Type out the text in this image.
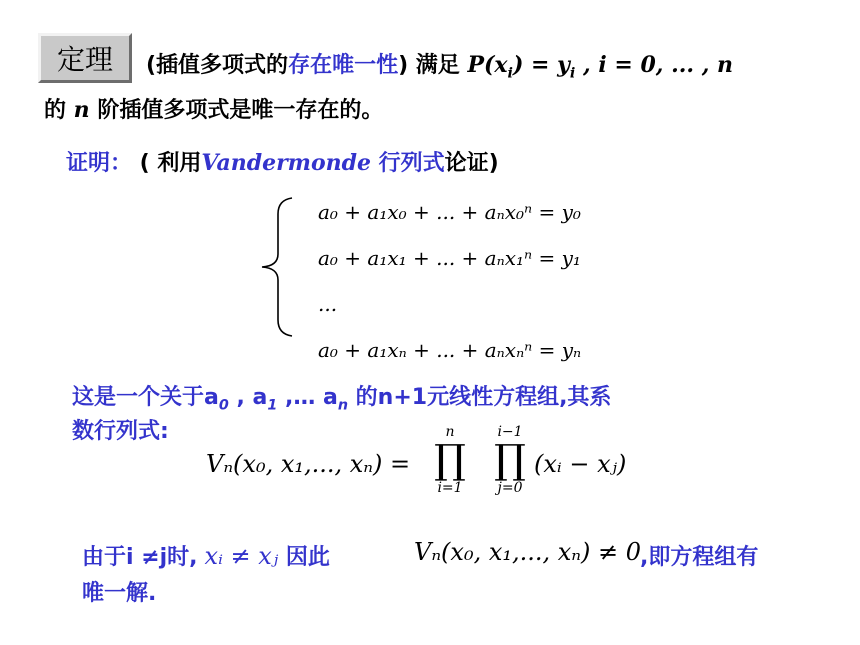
定理	(插值多项式的存在唯一性) 满足 $P(x_i) = y_i$ , i = 0, ... , n
的 n 阶插值多项式是唯一存在的。
证明： ( 利用Vandermonde 行列式论证)
a₀ + a₁x₀ + ... + aₙx₀ⁿ = y₀
a₀ + a₁x₁ + ... + aₙx₁ⁿ = y₁
...
a₀ + a₁xₙ + ... + aₙxₙⁿ = yₙ
这是一个关于$a_0$ , $a_1$ ,… $a_n$ 的n+1元线性方程组,其系
数行列式:
Vₙ(x₀, x₁,..., xₙ) =
n
∏
i=1
i−1
∏
j=0
(xᵢ − xⱼ)
由于i ≠j时, xᵢ ≠ xⱼ 因此	Vₙ(x₀, x₁,..., xₙ) ≠ 0
,即方程组有
唯一解.
